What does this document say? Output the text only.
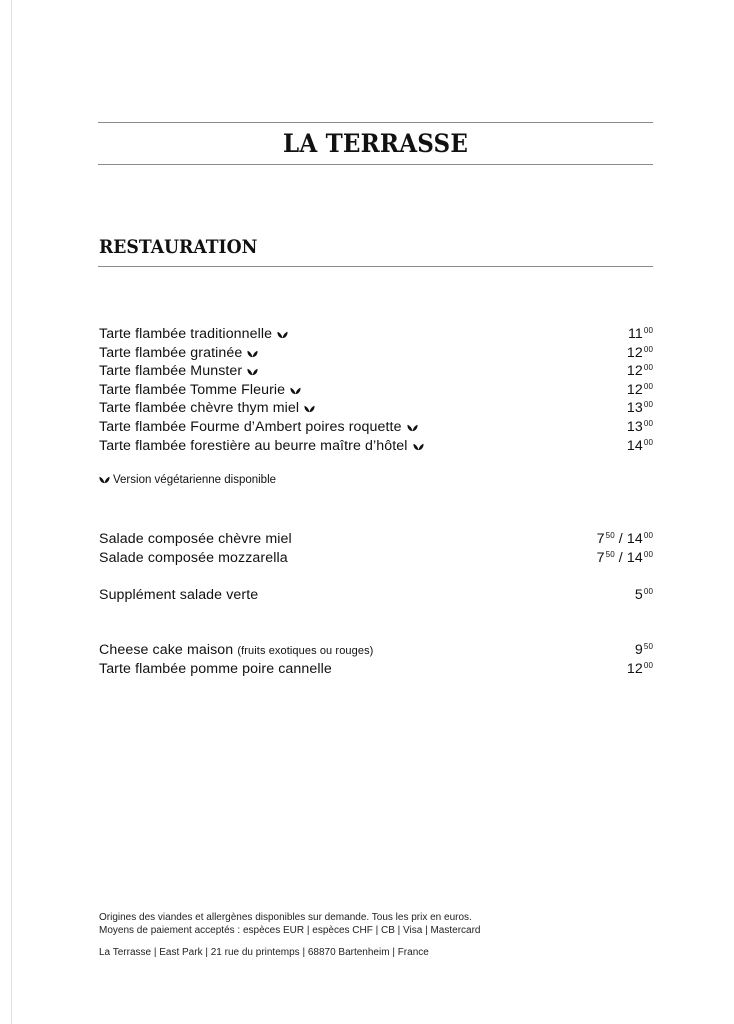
LA TERRASSE
RESTAURATION
Tarte flambée traditionnelle	$11^{00}$
Tarte flambée gratinée	$12^{00}$
Tarte flambée Munster	$12^{00}$
Tarte flambée Tomme Fleurie	$12^{00}$
Tarte flambée chèvre thym miel	$13^{00}$
Tarte flambée Fourme d’Ambert poires roquette	$13^{00}$
Tarte flambée forestière au beurre maître d’hôtel	$14^{00}$
Version végétarienne disponible
Salade composée chèvre miel	$7^{50} / 14^{00}$
Salade composée mozzarella	$7^{50} / 14^{00}$
Supplément salade verte	$5^{00}$
Cheese cake maison (fruits exotiques ou rouges)	$9^{50}$
Tarte flambée pomme poire cannelle	$12^{00}$
Origines des viandes et allergènes disponibles sur demande. Tous les prix en euros.
Moyens de paiement acceptés : espèces EUR | espèces CHF | CB | Visa | Mastercard
La Terrasse | East Park | 21 rue du printemps | 68870 Bartenheim | France
